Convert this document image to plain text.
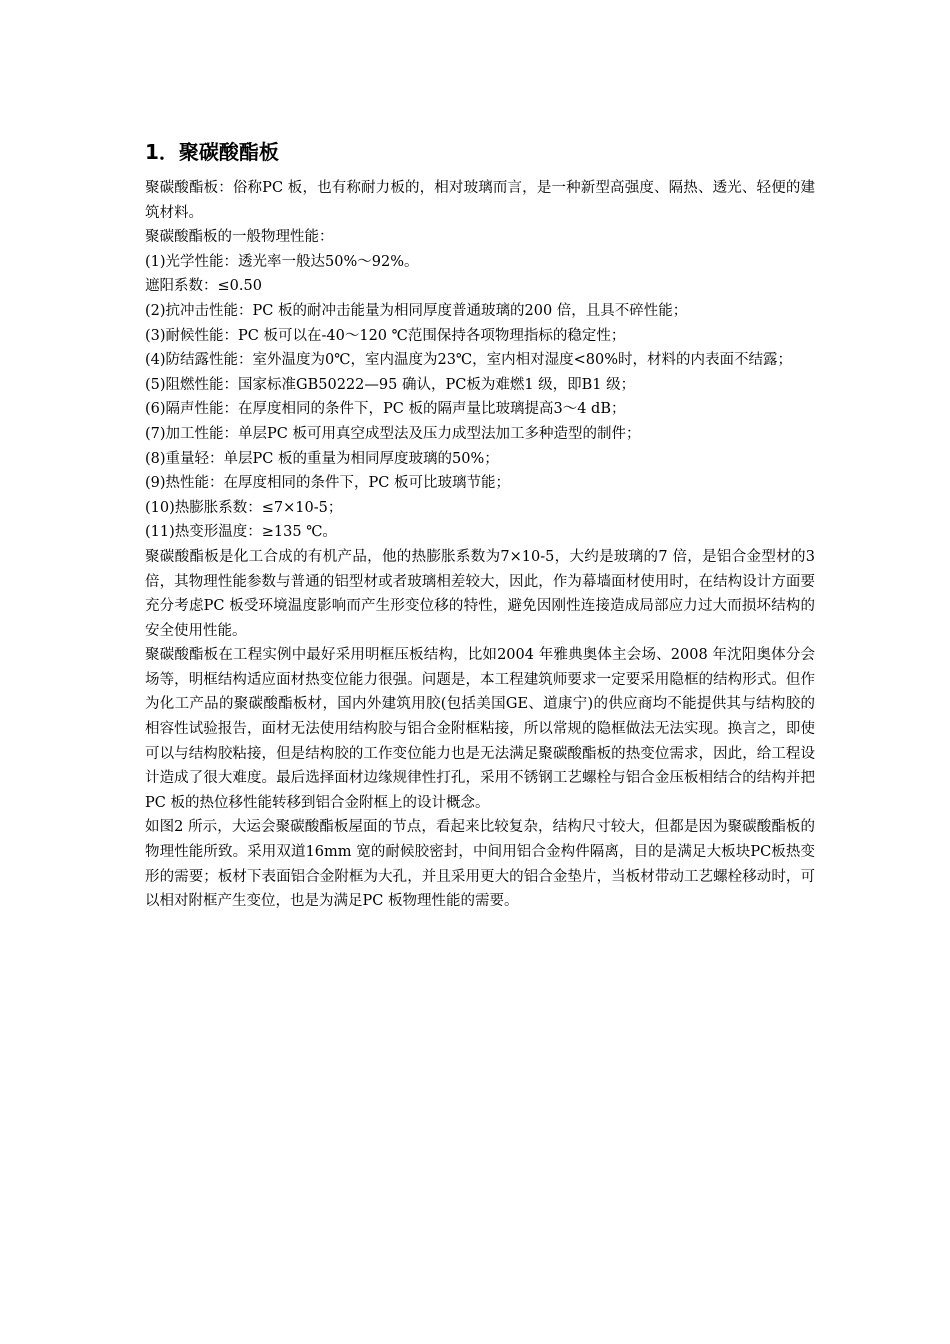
1．聚碳酸酯板

聚碳酸酯板：俗称PC 板，也有称耐力板的，相对玻璃而言，是一种新型高强度、隔热、透光、轻便的建筑材料。

聚碳酸酯板的一般物理性能：

(1)光学性能：透光率一般达50%～92%。

遮阳系数：≤0.50

(2)抗冲击性能：PC 板的耐冲击能量为相同厚度普通玻璃的200 倍，且具不碎性能；

(3)耐候性能：PC 板可以在-40～120 ℃范围保持各项物理指标的稳定性；

(4)防结露性能：室外温度为0℃，室内温度为23℃，室内相对湿度<80%时，材料的内表面不结露；

(5)阻燃性能：国家标准GB50222—95 确认，PC板为难燃1 级，即B1 级；

(6)隔声性能：在厚度相同的条件下，PC 板的隔声量比玻璃提高3～4 dB；

(7)加工性能：单层PC 板可用真空成型法及压力成型法加工多种造型的制件；

(8)重量轻：单层PC 板的重量为相同厚度玻璃的50%；

(9)热性能：在厚度相同的条件下，PC 板可比玻璃节能；

(10)热膨胀系数：≤7×10-5；

(11)热变形温度：≥135 ℃。

聚碳酸酯板是化工合成的有机产品，他的热膨胀系数为7×10-5，大约是玻璃的7 倍，是铝合金型材的3倍，其物理性能参数与普通的铝型材或者玻璃相差较大，因此，作为幕墙面材使用时，在结构设计方面要充分考虑PC 板受环境温度影响而产生形变位移的特性，避免因刚性连接造成局部应力过大而损坏结构的安全使用性能。

聚碳酸酯板在工程实例中最好采用明框压板结构，比如2004 年雅典奥体主会场、2008 年沈阳奥体分会场等，明框结构适应面材热变位能力很强。问题是，本工程建筑师要求一定要采用隐框的结构形式。但作为化工产品的聚碳酸酯板材，国内外建筑用胶(包括美国GE、道康宁)的供应商均不能提供其与结构胶的相容性试验报告，面材无法使用结构胶与铝合金附框粘接，所以常规的隐框做法无法实现。换言之，即使可以与结构胶粘接，但是结构胶的工作变位能力也是无法满足聚碳酸酯板的热变位需求，因此，给工程设计造成了很大难度。最后选择面材边缘规律性打孔，采用不锈钢工艺螺栓与铝合金压板相结合的结构并把PC 板的热位移性能转移到铝合金附框上的设计概念。

如图2 所示，大运会聚碳酸酯板屋面的节点，看起来比较复杂，结构尺寸较大，但都是因为聚碳酸酯板的物理性能所致。采用双道16mm 宽的耐候胶密封，中间用铝合金构件隔离，目的是满足大板块PC板热变形的需要；板材下表面铝合金附框为大孔，并且采用更大的铝合金垫片，当板材带动工艺螺栓移动时，可以相对附框产生变位，也是为满足PC 板物理性能的需要。
